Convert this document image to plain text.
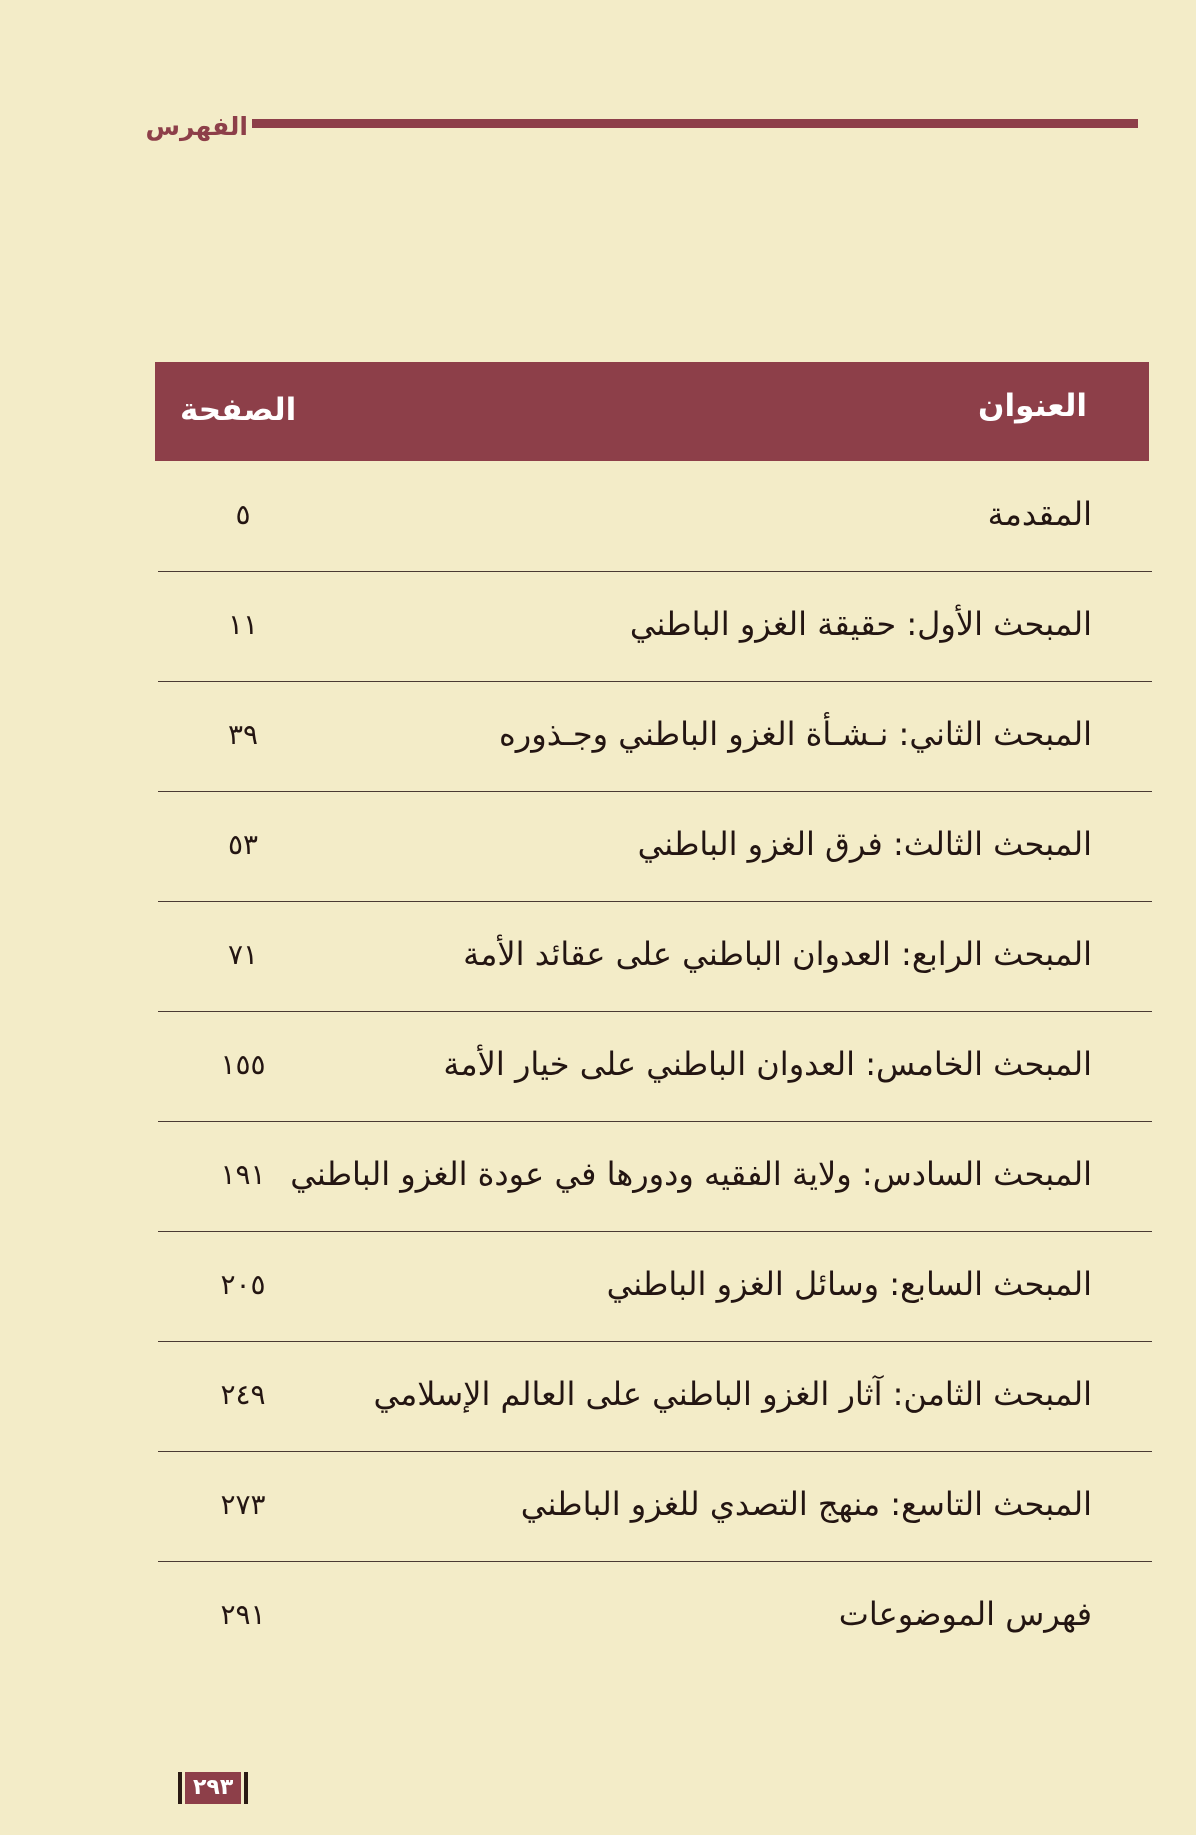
الفهرس
العنوان
الصفحة
المقدمة
٥
المبحث الأول: حقيقة الغزو الباطني
١١
المبحث الثاني: نـشـأة الغزو الباطني وجـذوره
٣٩
المبحث الثالث: فرق الغزو الباطني
٥٣
المبحث الرابع: العدوان الباطني على عقائد الأمة
٧١
المبحث الخامس: العدوان الباطني على خيار الأمة
١٥٥
المبحث السادس: ولاية الفقيه ودورها في عودة الغزو الباطني
١٩١
المبحث السابع: وسائل الغزو الباطني
٢٠٥
المبحث الثامن: آثار الغزو الباطني على العالم الإسلامي
٢٤٩
المبحث التاسع: منهج التصدي للغزو الباطني
٢٧٣
فهرس الموضوعات
٢٩١
٢٩٣
